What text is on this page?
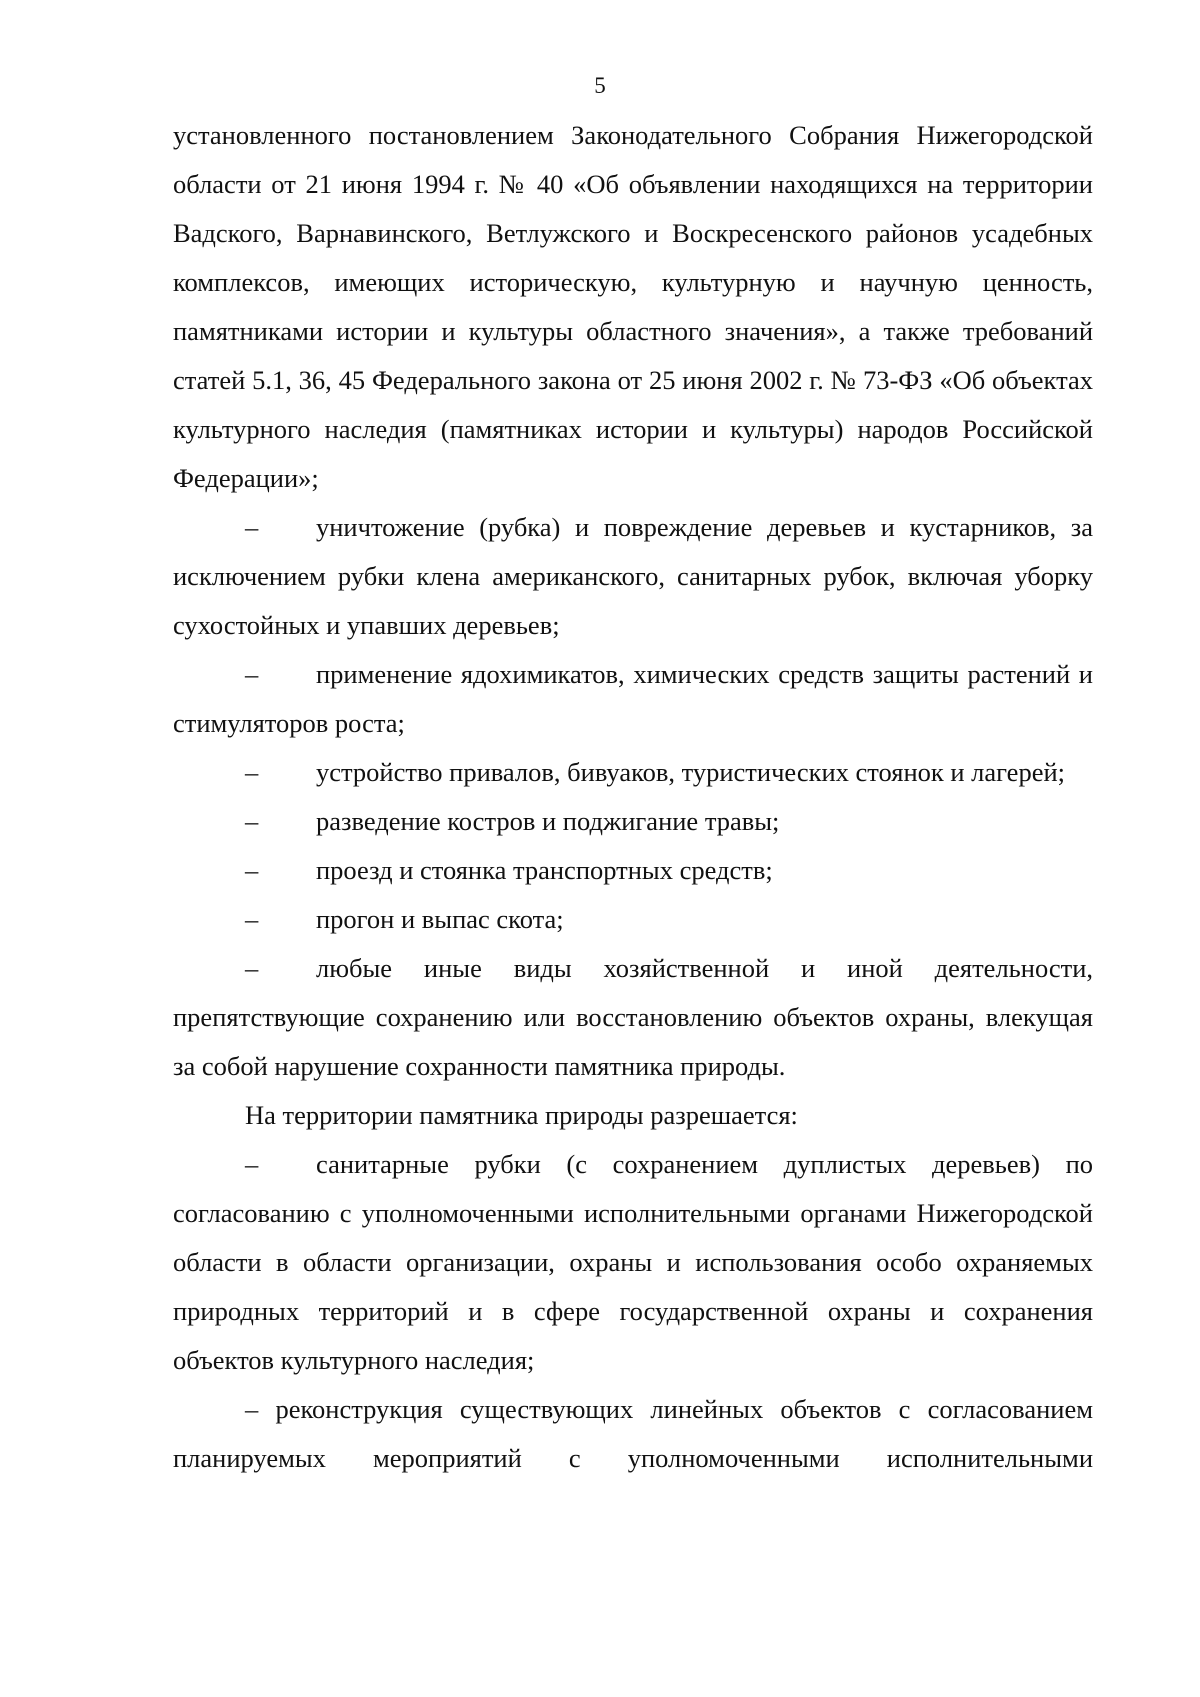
5

установленного постановлением Законодательного Собрания Нижегородской области от 21 июня 1994 г. № 40 «Об объявлении находящихся на территории Вадского, Варнавинского, Ветлужского и Воскресенского районов усадебных комплексов, имеющих историческую, культурную и научную ценность, памятниками истории и культуры областного значения», а также требований статей 5.1, 36, 45 Федерального закона от 25 июня 2002 г. № 73-ФЗ «Об объектах культурного наследия (памятниках истории и культуры) народов Российской Федерации»;

– уничтожение (рубка) и повреждение деревьев и кустарников, за исключением рубки клена американского, санитарных рубок, включая уборку сухостойных и упавших деревьев;

– применение ядохимикатов, химических средств защиты растений и стимуляторов роста;

– устройство привалов, бивуаков, туристических стоянок и лагерей;

– разведение костров и поджигание травы;

– проезд и стоянка транспортных средств;

– прогон и выпас скота;

– любые иные виды хозяйственной и иной деятельности, препятствующие сохранению или восстановлению объектов охраны, влекущая за собой нарушение сохранности памятника природы.

На территории памятника природы разрешается:

– санитарные рубки (с сохранением дуплистых деревьев) по согласованию с уполномоченными исполнительными органами Нижегородской области в области организации, охраны и использования особо охраняемых природных территорий и в сфере государственной охраны и сохранения объектов культурного наследия;

– реконструкция существующих линейных объектов с согласованием планируемых мероприятий с уполномоченными исполнительными
